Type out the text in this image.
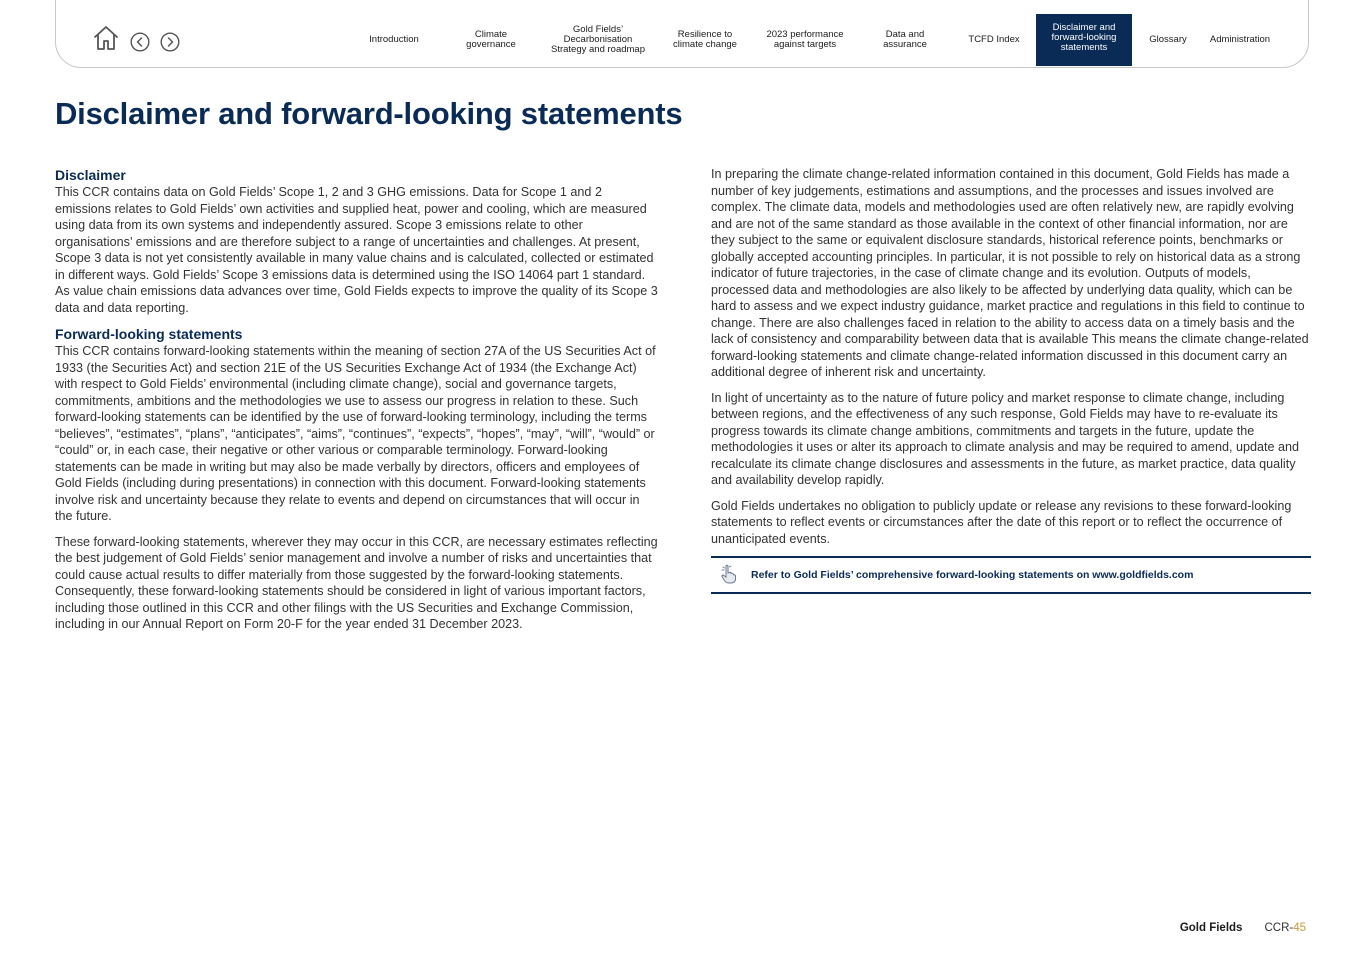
Introduction	Climate
governance
Gold Fields’
Decarbonisation
Strategy and roadmap
Resilience to
climate change
2023 performance
against targets
Data and
assurance	TCFD Index
Disclaimer and
forward-looking
statements
Glossary	Administration
Disclaimer and forward-looking statements
Disclaimer

This CCR contains data on Gold Fields’ Scope 1, 2 and 3 GHG emissions. Data for Scope 1 and 2 emissions relates to Gold Fields’ own activities and supplied heat, power and cooling, which are measured using data from its own systems and independently assured. Scope 3 emissions relate to other organisations’ emissions and are therefore subject to a range of uncertainties and challenges. At present, Scope 3 data is not yet consistently available in many value chains and is calculated, collected or estimated in different ways. Gold Fields’ Scope 3 emissions data is determined using the ISO 14064 part 1 standard. As value chain emissions data advances over time, Gold Fields expects to improve the quality of its Scope 3 data and data reporting.

Forward-looking statements

This CCR contains forward-looking statements within the meaning of section 27A of the US Securities Act of 1933 (the Securities Act) and section 21E of the US Securities Exchange Act of 1934 (the Exchange Act) with respect to Gold Fields’ environmental (including climate change), social and governance targets, commitments, ambitions and the methodologies we use to assess our progress in relation to these. Such forward-looking statements can be identified by the use of forward-looking terminology, including the terms “believes”, “estimates”, “plans”, “anticipates”, “aims”, “continues”, “expects”, “hopes”, “may”, “will”, “would” or “could” or, in each case, their negative or other various or comparable terminology. Forward-looking statements can be made in writing but may also be made verbally by directors, officers and employees of Gold Fields (including during presentations) in connection with this document. Forward-looking statements involve risk and uncertainty because they relate to events and depend on circumstances that will occur in the future.

These forward-looking statements, wherever they may occur in this CCR, are necessary estimates reflecting the best judgement of Gold Fields’ senior management and involve a number of risks and uncertainties that could cause actual results to differ materially from those suggested by the forward-looking statements. Consequently, these forward-looking statements should be considered in light of various important factors, including those outlined in this CCR and other filings with the US Securities and Exchange Commission, including in our Annual Report on Form 20-F for the year ended 31 December 2023.

In preparing the climate change-related information contained in this document, Gold Fields has made a number of key judgements, estimations and assumptions, and the processes and issues involved are complex. The climate data, models and methodologies used are often relatively new, are rapidly evolving and are not of the same standard as those available in the context of other financial information, nor are they subject to the same or equivalent disclosure standards, historical reference points, benchmarks or globally accepted accounting principles. In particular, it is not possible to rely on historical data as a strong indicator of future trajectories, in the case of climate change and its evolution. Outputs of models, processed data and methodologies are also likely to be affected by underlying data quality, which can be hard to assess and we expect industry guidance, market practice and regulations in this field to continue to change. There are also challenges faced in relation to the ability to access data on a timely basis and the lack of consistency and comparability between data that is available This means the climate change-related forward-looking statements and climate change-related information discussed in this document carry an additional degree of inherent risk and uncertainty.

In light of uncertainty as to the nature of future policy and market response to climate change, including between regions, and the effectiveness of any such response, Gold Fields may have to re-evaluate its progress towards its climate change ambitions, commitments and targets in the future, update the methodologies it uses or alter its approach to climate analysis and may be required to amend, update and recalculate its climate change disclosures and assessments in the future, as market practice, data quality and availability develop rapidly.

Gold Fields undertakes no obligation to publicly update or release any revisions to these forward-looking statements to reflect events or circumstances after the date of this report or to reflect the occurrence of unanticipated events.

Refer to Gold Fields’ comprehensive forward-looking statements on www.goldfields.com
Gold Fields CCR-45
